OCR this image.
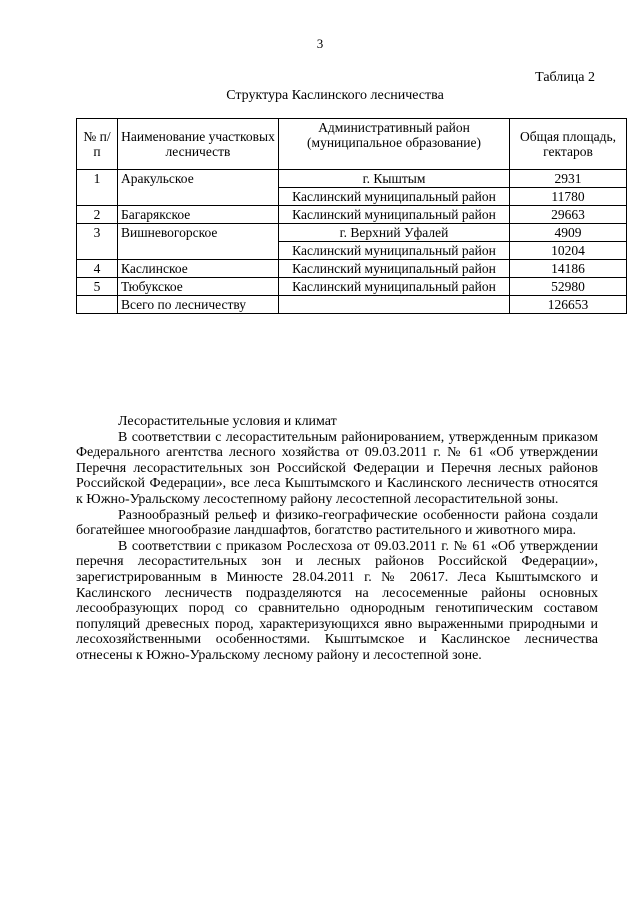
3
Таблица 2
Структура Каслинского лесничества
№ п/п	Наименование участковых лесничеств	Административный район (муниципальное образование)	Общая площадь, гектаров
1	Аракульское	г. Кыштым	2931
		Каслинский муниципальный район	11780
2	Багарякское	Каслинский муниципальный район	29663
3	Вишневогорское	г. Верхний Уфалей	4909
		Каслинский муниципальный район	10204
4	Каслинское	Каслинский муниципальный район	14186
5	Тюбукское	Каслинский муниципальный район	52980
	Всего по лесничеству		126653

Лесорастительные условия и климат

В соответствии с лесорастительным районированием, утвержденным приказом Федерального агентства лесного хозяйства от 09.03.2011 г. № 61 «Об утверждении Перечня лесорастительных зон Российской Федерации и Перечня лесных районов Российской Федерации», все леса Кыштымского и Каслинского лесничеств относятся к Южно-Уральскому лесостепному району лесостепной лесорастительной зоны.

Разнообразный рельеф и физико-географические особенности района создали богатейшее многообразие ландшафтов, богатство растительного и животного мира.

В соответствии с приказом Рослесхоза от 09.03.2011 г. № 61 «Об утверждении перечня лесорастительных зон и лесных районов Российской Федерации», зарегистрированным в Минюсте 28.04.2011 г. № 20617. Леса Кыштымского и Каслинского лесничеств подразделяются на лесосеменные районы основных лесообразующих пород со сравнительно однородным генотипическим составом популяций древесных пород, характеризующихся явно выраженными природными и лесохозяйственными особенностями. Кыштымское и Каслинское лесничества отнесены к Южно-Уральскому лесному району и лесостепной зоне.
